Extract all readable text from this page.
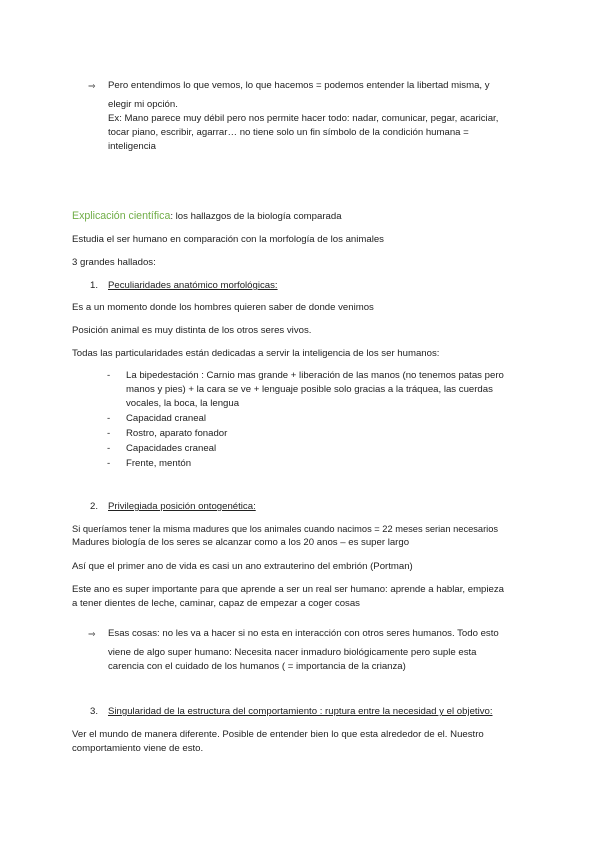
⇒ Pero entendimos lo que vemos, lo que hacemos = podemos entender la libertad misma, y
elegir mi opción.
Ex: Mano parece muy débil pero nos permite hacer todo: nadar, comunicar, pegar, acariciar,
tocar piano, escribir, agarrar… no tiene solo un fin símbolo de la condición humana =
inteligencia
Explicación científica: los hallazgos de la biología comparada
Estudia el ser humano en comparación con la morfología de los animales
3 grandes hallados:
1. Peculiaridades anatómico morfológicas:
Es a un momento donde los hombres quieren saber de donde venimos
Posición animal es muy distinta de los otros seres vivos.
Todas las particularidades están dedicadas a servir la inteligencia de los ser humanos:
- La bipedestación : Carnio mas grande + liberación de las manos (no tenemos patas pero
manos y pies) + la cara se ve + lenguaje posible solo gracias a la tráquea, las cuerdas
vocales, la boca, la lengua
- Capacidad craneal
- Rostro, aparato fonador
- Capacidades craneal
- Frente, mentón
2. Privilegiada posición ontogenética:
Si queríamos tener la misma madures que los animales cuando nacimos = 22 meses serian necesarios
Madures biología de los seres se alcanzar como a los 20 anos – es super largo
Así que el primer ano de vida es casi un ano extrauterino del embrión (Portman)
Este ano es super importante para que aprende a ser un real ser humano: aprende a hablar, empieza
a tener dientes de leche, caminar, capaz de empezar a coger cosas
⇒ Esas cosas: no les va a hacer si no esta en interacción con otros seres humanos. Todo esto
viene de algo super humano: Necesita nacer inmaduro biológicamente pero suple esta
carencia con el cuidado de los humanos ( = importancia de la crianza)
3. Singularidad de la estructura del comportamiento : ruptura entre la necesidad y el objetivo:
Ver el mundo de manera diferente. Posible de entender bien lo que esta alrededor de el. Nuestro
comportamiento viene de esto.
